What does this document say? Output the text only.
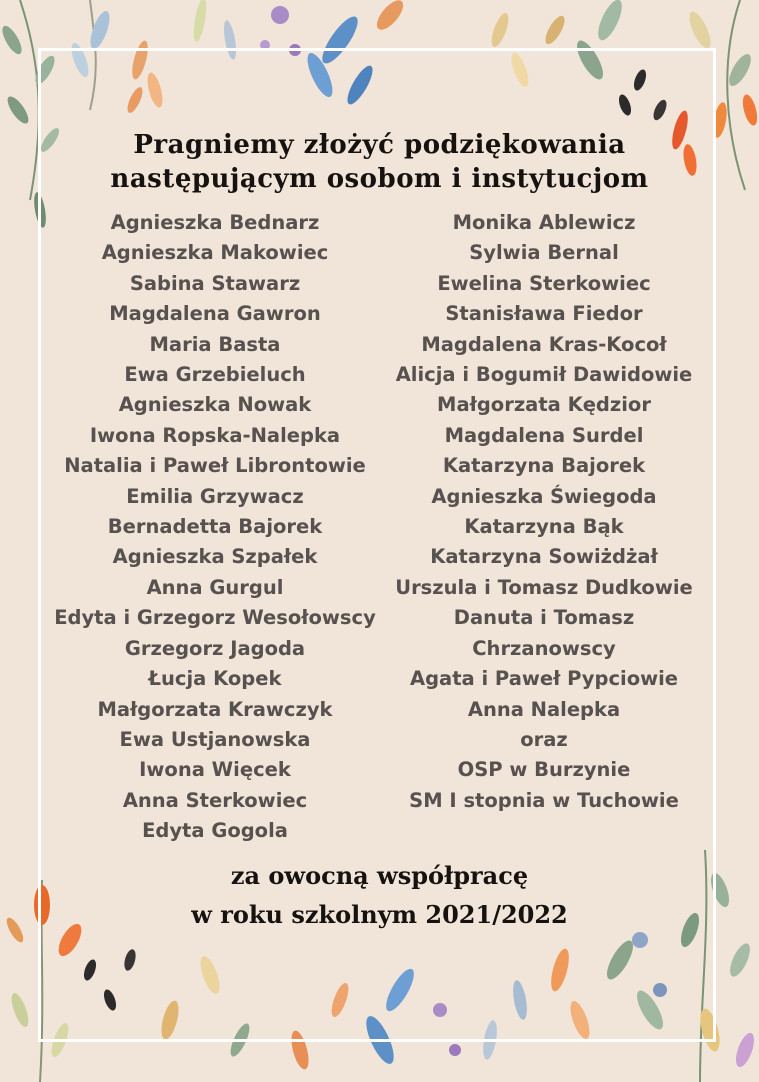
Pragniemy złożyć podziękowania
następującym osobom i instytucjom
Agnieszka Bednarz
Agnieszka Makowiec
Sabina Stawarz
Magdalena Gawron
Maria Basta
Ewa Grzebieluch
Agnieszka Nowak
Iwona Ropska-Nalepka
Natalia i Paweł Librontowie
Emilia Grzywacz
Bernadetta Bajorek
Agnieszka Szpałek
Anna Gurgul
Edyta i Grzegorz Wesołowscy
Grzegorz Jagoda
Łucja Kopek
Małgorzata Krawczyk
Ewa Ustjanowska
Iwona Więcek
Anna Sterkowiec
Edyta Gogola
Monika Ablewicz
Sylwia Bernal
Ewelina Sterkowiec
Stanisława Fiedor
Magdalena Kras-Kocoł
Alicja i Bogumił Dawidowie
Małgorzata Kędzior
Magdalena Surdel
Katarzyna Bajorek
Agnieszka Świegoda
Katarzyna Bąk
Katarzyna Sowiżdżał
Urszula i Tomasz Dudkowie
Danuta i Tomasz
Chrzanowscy
Agata i Paweł Pypciowie
Anna Nalepka
oraz
OSP w Burzynie
SM I stopnia w Tuchowie
za owocną współpracę
w roku szkolnym 2021/2022
